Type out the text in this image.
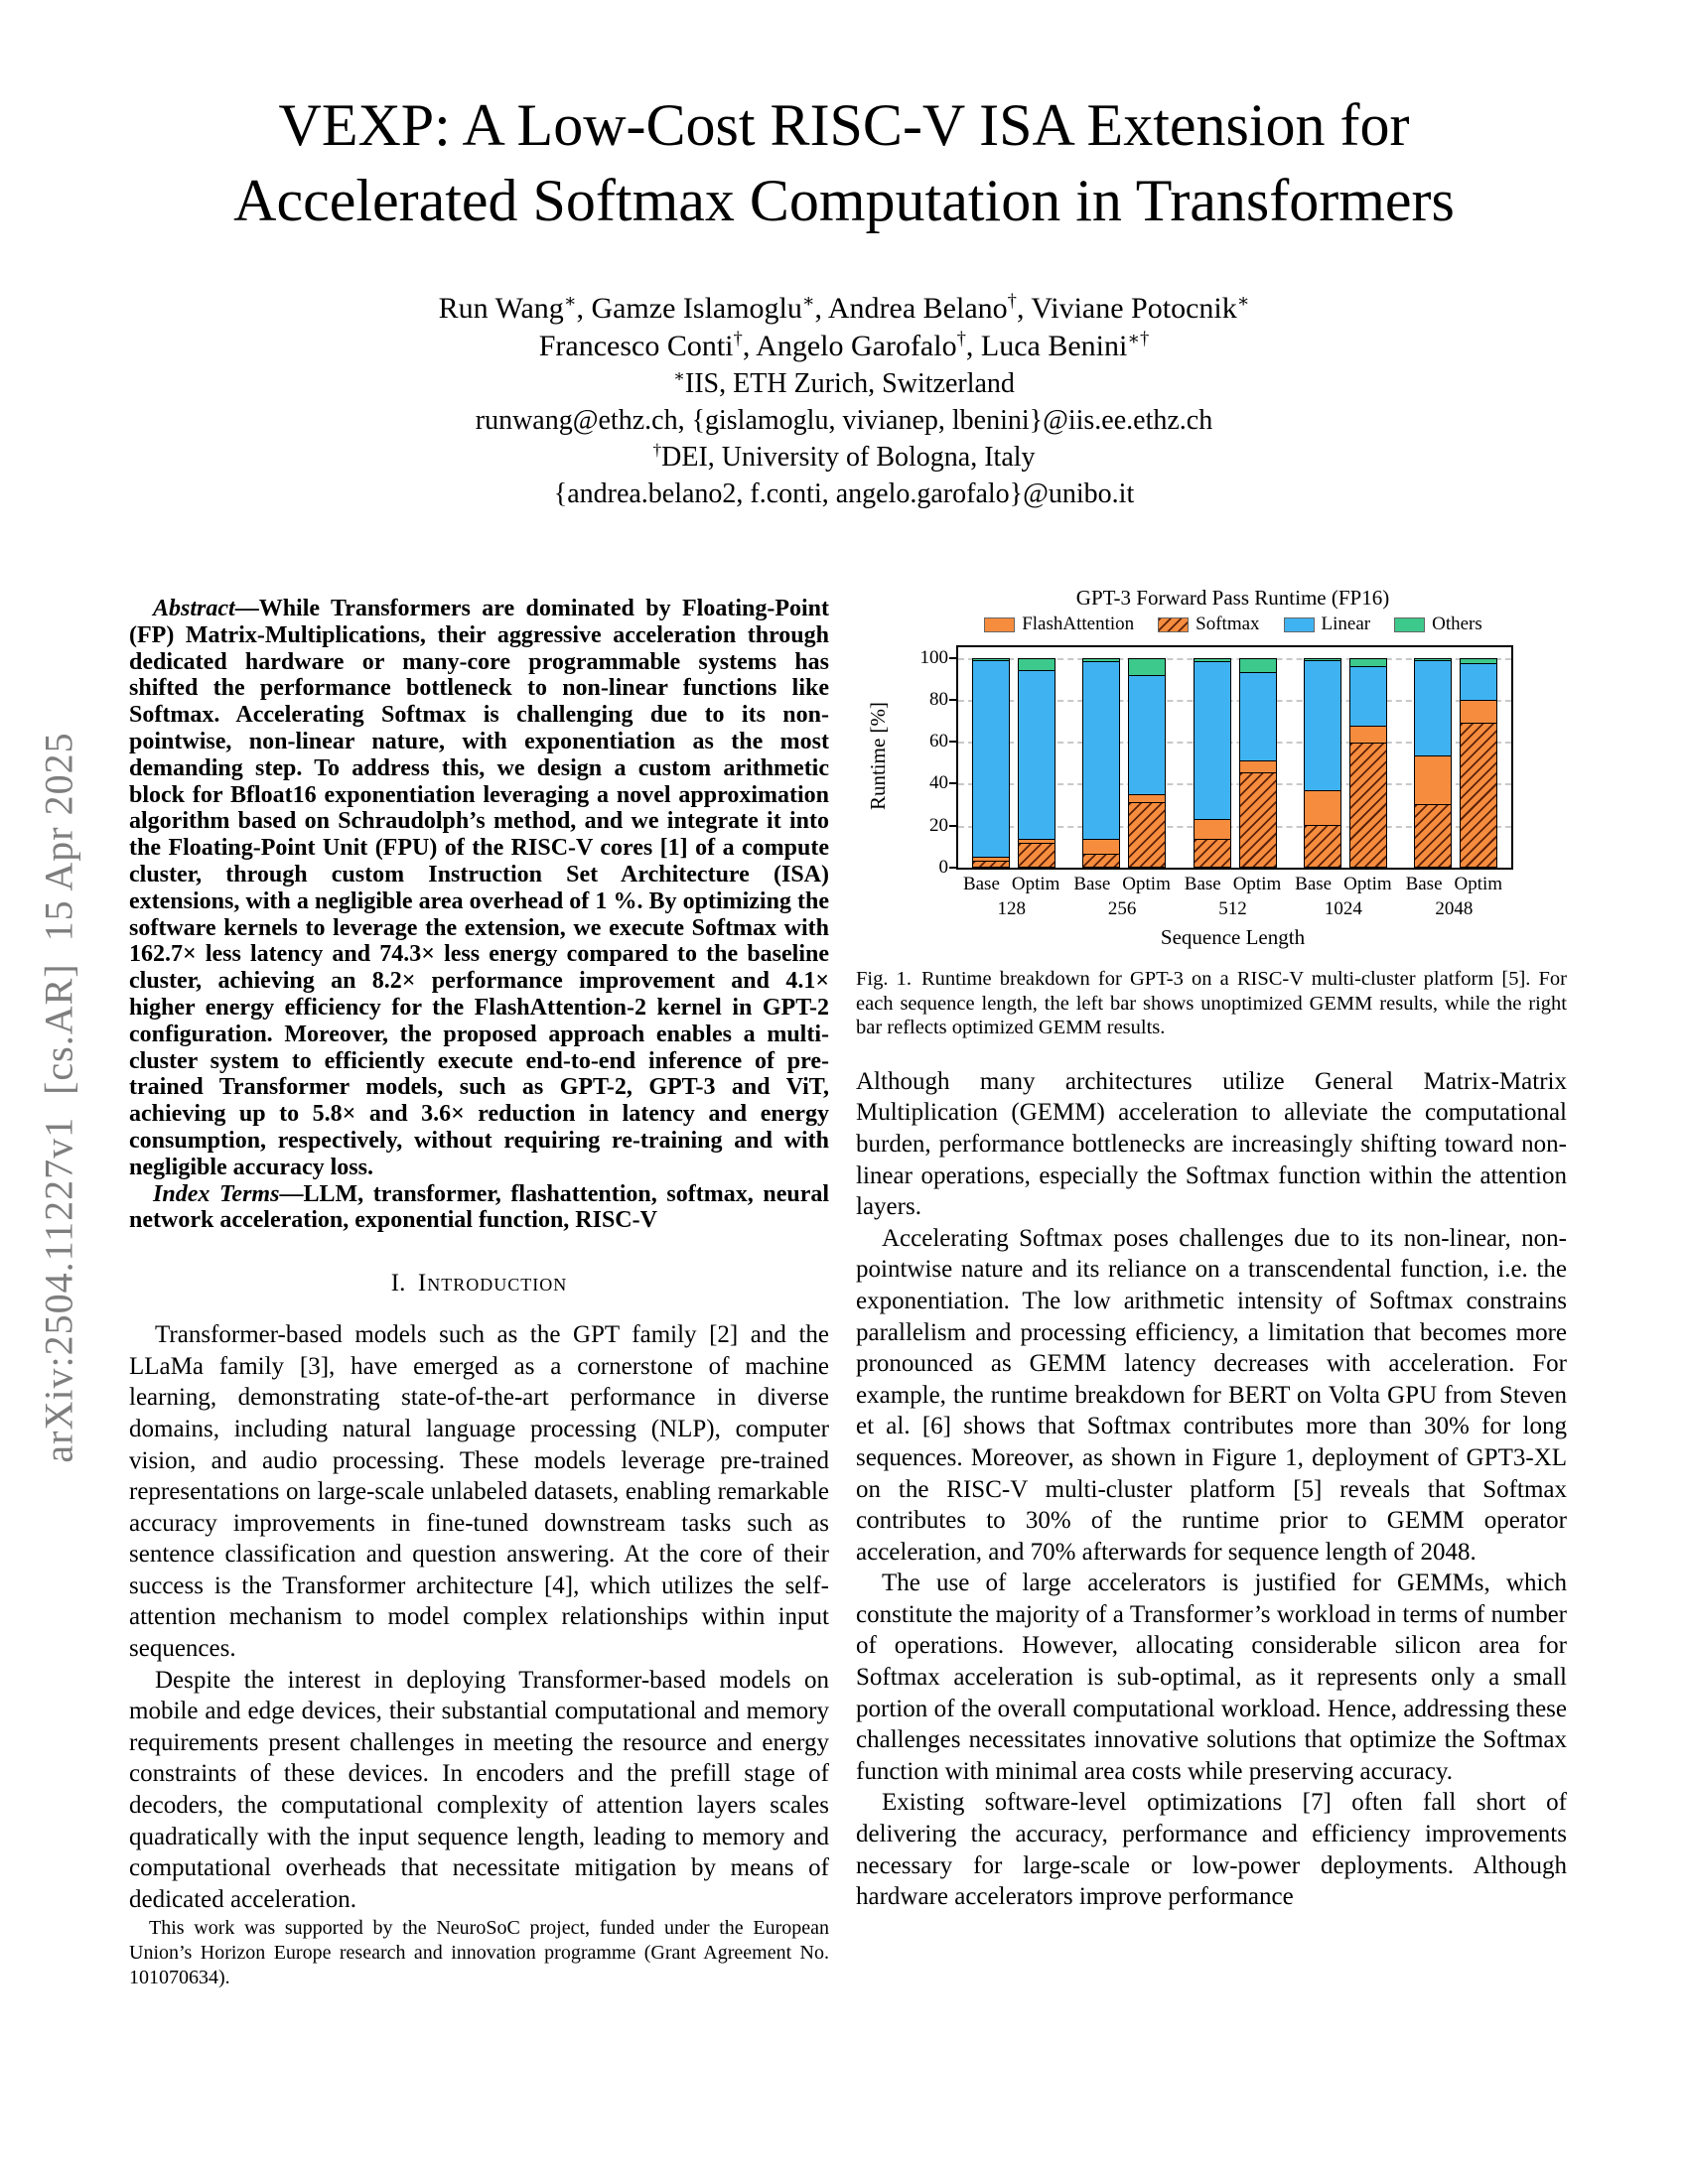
arXiv:2504.11227v1  [cs.AR]  15 Apr 2025
VEXP: A Low-Cost RISC-V ISA Extension for
Accelerated Softmax Computation in Transformers
Run Wang∗, Gamze Islamoglu∗, Andrea Belano†, Viviane Potocnik∗
Francesco Conti†, Angelo Garofalo†, Luca Benini∗†
∗IIS, ETH Zurich, Switzerland
runwang@ethz.ch, {gislamoglu, vivianep, lbenini}@iis.ee.ethz.ch
†DEI, University of Bologna, Italy
{andrea.belano2, f.conti, angelo.garofalo}@unibo.it

Abstract—While Transformers are dominated by Floating-Point (FP) Matrix-Multiplications, their aggressive acceleration through dedicated hardware or many-core programmable systems has shifted the performance bottleneck to non-linear functions like Softmax. Accelerating Softmax is challenging due to its non-pointwise, non-linear nature, with exponentiation as the most demanding step. To address this, we design a custom arithmetic block for Bfloat16 exponentiation leveraging a novel approximation algorithm based on Schraudolph’s method, and we integrate it into the Floating-Point Unit (FPU) of the RISC-V cores [1] of a compute cluster, through custom Instruction Set Architecture (ISA) extensions, with a negligible area overhead of 1 %. By optimizing the software kernels to leverage the extension, we execute Softmax with 162.7× less latency and 74.3× less energy compared to the baseline cluster, achieving an 8.2× performance improvement and 4.1× higher energy efficiency for the FlashAttention-2 kernel in GPT-2 configuration. Moreover, the proposed approach enables a multi-cluster system to efficiently execute end-to-end inference of pre-trained Transformer models, such as GPT-2, GPT-3 and ViT, achieving up to 5.8× and 3.6× reduction in latency and energy consumption, respectively, without requiring re-training and with negligible accuracy loss.

Index Terms—LLM, transformer, flashattention, softmax, neural network acceleration, exponential function, RISC-V

I. Introduction

Transformer-based models such as the GPT family [2] and the LLaMa family [3], have emerged as a cornerstone of machine learning, demonstrating state-of-the-art performance in diverse domains, including natural language processing (NLP), computer vision, and audio processing. These models leverage pre-trained representations on large-scale unlabeled datasets, enabling remarkable accuracy improvements in fine-tuned downstream tasks such as sentence classification and question answering. At the core of their success is the Transformer architecture [4], which utilizes the self-attention mechanism to model complex relationships within input sequences.

Despite the interest in deploying Transformer-based models on mobile and edge devices, their substantial computational and memory requirements present challenges in meeting the resource and energy constraints of these devices. In encoders and the prefill stage of decoders, the computational complexity of attention layers scales quadratically with the input sequence length, leading to memory and computational overheads that necessitate mitigation by means of dedicated acceleration.

This work was supported by the NeuroSoC project, funded under the European Union’s Horizon Europe research and innovation programme (Grant Agreement No. 101070634).
GPT-3 Forward Pass Runtime (FP16)
FlashAttention	Softmax	Linear	Others
Runtime [%]
0
20
40
60
80
100
Base Optim
128
Base Optim
256
Base Optim
512
Base Optim
1024
Base Optim
2048
Sequence Length
Fig. 1. Runtime breakdown for GPT-3 on a RISC-V multi-cluster platform [5]. For each sequence length, the left bar shows unoptimized GEMM results, while the right bar reflects optimized GEMM results.

Although many architectures utilize General Matrix-Matrix Multiplication (GEMM) acceleration to alleviate the computational burden, performance bottlenecks are increasingly shifting toward non-linear operations, especially the Softmax function within the attention layers.

Accelerating Softmax poses challenges due to its non-linear, non-pointwise nature and its reliance on a transcendental function, i.e. the exponentiation. The low arithmetic intensity of Softmax constrains parallelism and processing efficiency, a limitation that becomes more pronounced as GEMM latency decreases with acceleration. For example, the runtime breakdown for BERT on Volta GPU from Steven et al. [6] shows that Softmax contributes more than 30% for long sequences. Moreover, as shown in Figure 1, deployment of GPT3-XL on the RISC-V multi-cluster platform [5] reveals that Softmax contributes to 30% of the runtime prior to GEMM operator acceleration, and 70% afterwards for sequence length of 2048.

The use of large accelerators is justified for GEMMs, which constitute the majority of a Transformer’s workload in terms of number of operations. However, allocating considerable silicon area for Softmax acceleration is sub-optimal, as it represents only a small portion of the overall computational workload. Hence, addressing these challenges necessitates innovative solutions that optimize the Softmax function with minimal area costs while preserving accuracy.

Existing software-level optimizations [7] often fall short of delivering the accuracy, performance and efficiency improvements necessary for large-scale or low-power deployments. Although hardware accelerators improve performance
